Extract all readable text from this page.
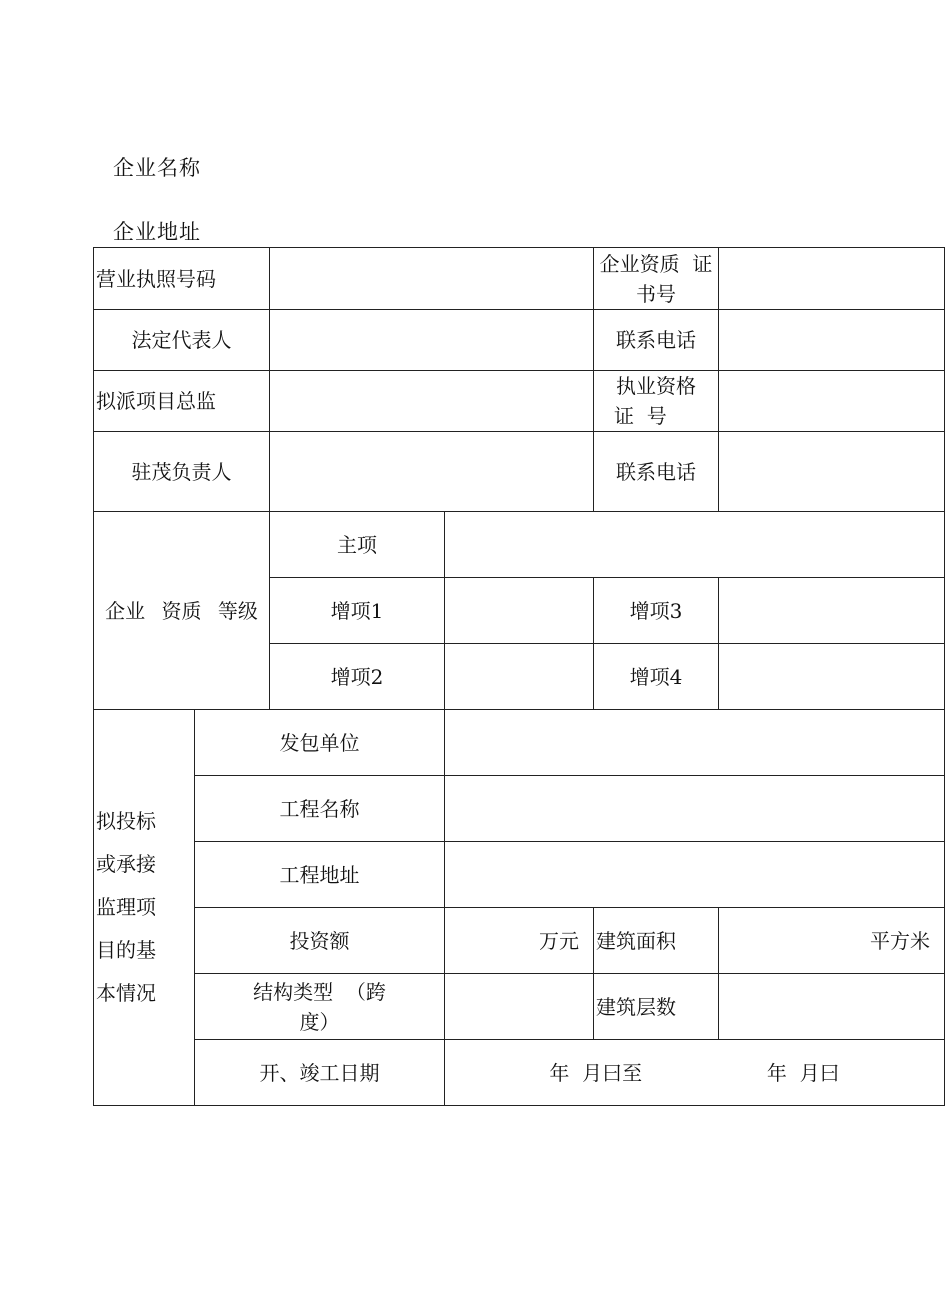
企业名称
企业地址
营业执照号码				企业资质  证
书号	

法定代表人				联系电话	
拟派项目总监				执业资格
证  号	

驻茂负责人				联系电话	
企业 资质 等级		主项			
		增项1		增项3	
		增项2		增项4	

拟投标
或承接
监理项
目的基
本情况	发包单位				
	工程名称				
	工程地址				
	投资额		万元	建筑面积	平方米

	结构类型  （跨
度）			建筑层数	
	开、竣工日期		年  月曰至 年  月曰		
